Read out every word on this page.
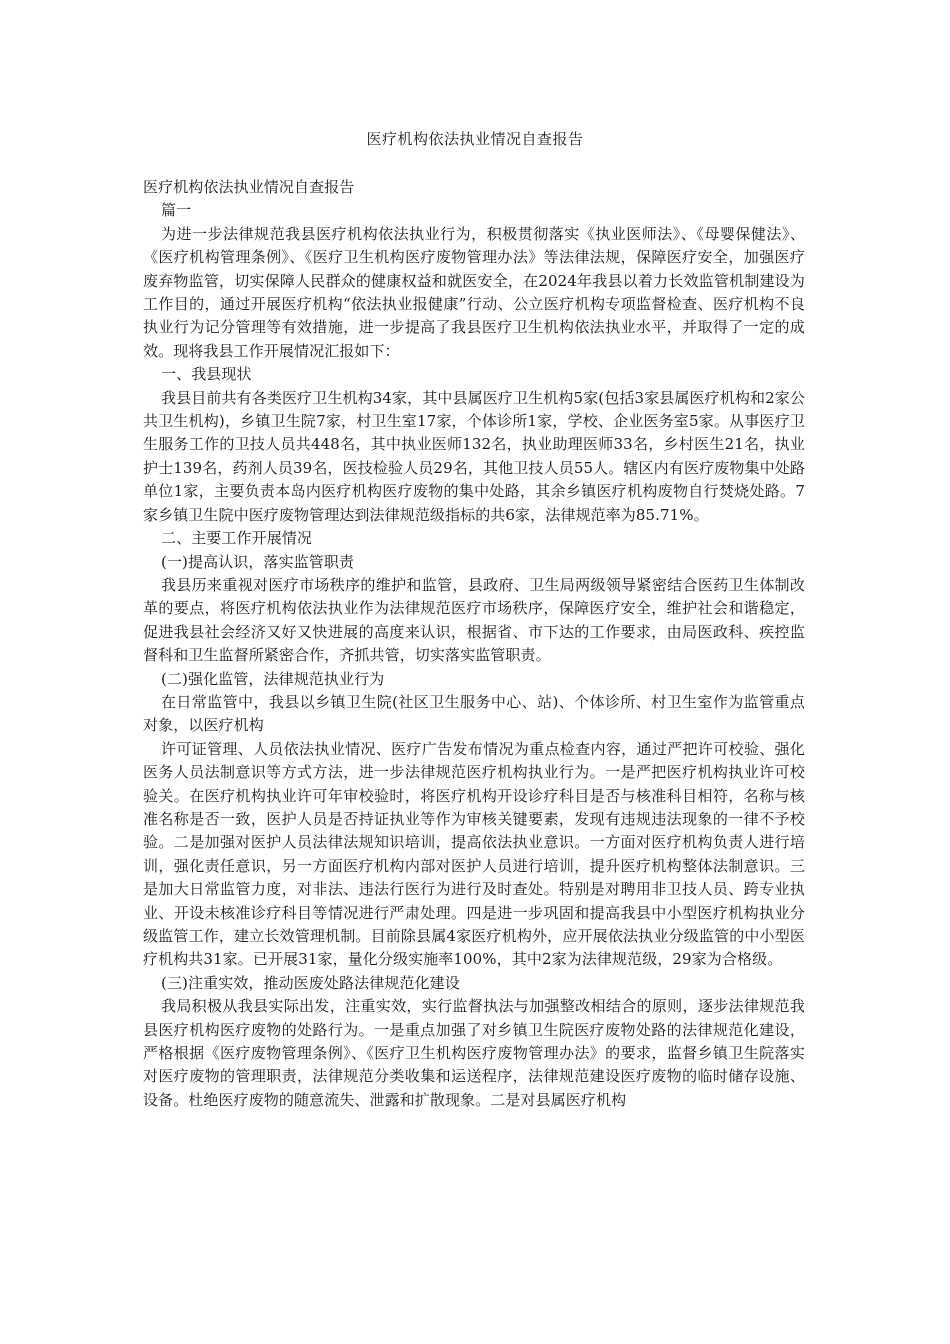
医疗机构依法执业情况自查报告

医疗机构依法执业情况自查报告

篇一

为进一步法律规范我县医疗机构依法执业行为，积极贯彻落实《执业医师法》、《母婴保健法》、《医疗机构管理条例》、《医疗卫生机构医疗废物管理办法》等法律法规，保障医疗安全，加强医疗废弃物监管，切实保障人民群众的健康权益和就医安全，在2024年我县以着力长效监管机制建设为工作目的，通过开展医疗机构“依法执业报健康”行动、公立医疗机构专项监督检查、医疗机构不良执业行为记分管理等有效措施，进一步提高了我县医疗卫生机构依法执业水平，并取得了一定的成效。现将我县工作开展情况汇报如下：

一、我县现状

我县目前共有各类医疗卫生机构34家，其中县属医疗卫生机构5家(包括3家县属医疗机构和2家公共卫生机构)，乡镇卫生院7家，村卫生室17家，个体诊所1家，学校、企业医务室5家。从事医疗卫生服务工作的卫技人员共448名，其中执业医师132名，执业助理医师33名，乡村医生21名，执业护士139名，药剂人员39名，医技检验人员29名，其他卫技人员55人。辖区内有医疗废物集中处路单位1家，主要负责本岛内医疗机构医疗废物的集中处路，其余乡镇医疗机构废物自行焚烧处路。7家乡镇卫生院中医疗废物管理达到法律规范级指标的共6家，法律规范率为85.71%。

二、主要工作开展情况

(一)提高认识，落实监管职责

我县历来重视对医疗市场秩序的维护和监管，县政府、卫生局两级领导紧密结合医药卫生体制改革的要点，将医疗机构依法执业作为法律规范医疗市场秩序，保障医疗安全，维护社会和谐稳定，促进我县社会经济又好又快进展的高度来认识，根据省、市下达的工作要求，由局医政科、疾控监督科和卫生监督所紧密合作，齐抓共管，切实落实监管职责。

(二)强化监管，法律规范执业行为

在日常监管中，我县以乡镇卫生院(社区卫生服务中心、站)、个体诊所、村卫生室作为监管重点对象，以医疗机构

许可证管理、人员依法执业情况、医疗广告发布情况为重点检查内容，通过严把许可校验、强化医务人员法制意识等方式方法，进一步法律规范医疗机构执业行为。一是严把医疗机构执业许可校验关。在医疗机构执业许可年审校验时，将医疗机构开设诊疗科目是否与核准科目相符，名称与核准名称是否一致，医护人员是否持证执业等作为审核关键要素，发现有违规违法现象的一律不予校验。二是加强对医护人员法律法规知识培训，提高依法执业意识。一方面对医疗机构负责人进行培训，强化责任意识，另一方面医疗机构内部对医护人员进行培训，提升医疗机构整体法制意识。三是加大日常监管力度，对非法、违法行医行为进行及时查处。特别是对聘用非卫技人员、跨专业执业、开设未核准诊疗科目等情况进行严肃处理。四是进一步巩固和提高我县中小型医疗机构执业分级监管工作，建立长效管理机制。目前除县属4家医疗机构外，应开展依法执业分级监管的中小型医疗机构共31家。已开展31家，量化分级实施率100%，其中2家为法律规范级，29家为合格级。

(三)注重实效，推动医废处路法律规范化建设

我局积极从我县实际出发，注重实效，实行监督执法与加强整改相结合的原则，逐步法律规范我县医疗机构医疗废物的处路行为。一是重点加强了对乡镇卫生院医疗废物处路的法律规范化建设，严格根据《医疗废物管理条例》、《医疗卫生机构医疗废物管理办法》的要求，监督乡镇卫生院落实对医疗废物的管理职责，法律规范分类收集和运送程序，法律规范建设医疗废物的临时储存设施、设备。杜绝医疗废物的随意流失、泄露和扩散现象。二是对县属医疗机构
